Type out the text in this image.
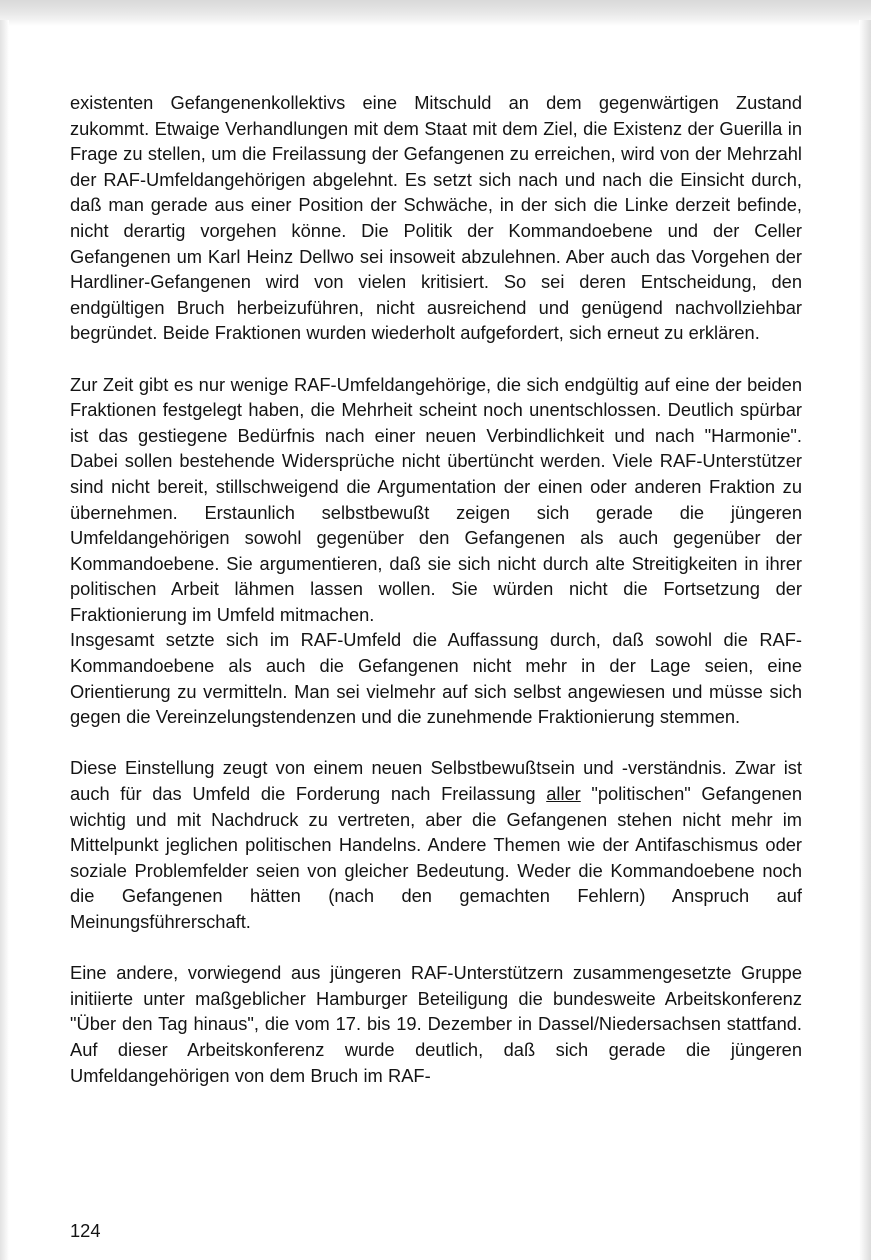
existenten Gefangenenkollektivs eine Mitschuld an dem gegenwärtigen Zustand zukommt. Etwaige Verhandlungen mit dem Staat mit dem Ziel, die Existenz der Guerilla in Frage zu stellen, um die Freilassung der Gefangenen zu erreichen, wird von der Mehrzahl der RAF-Umfeldangehörigen abgelehnt. Es setzt sich nach und nach die Einsicht durch, daß man gerade aus einer Position der Schwäche, in der sich die Linke derzeit befinde, nicht derartig vorgehen könne. Die Politik der Kommandoebene und der Celler Gefangenen um Karl Heinz Dellwo sei insoweit abzulehnen. Aber auch das Vorgehen der Hardliner-Gefangenen wird von vielen kritisiert. So sei deren Entscheidung, den endgültigen Bruch herbeizuführen, nicht ausreichend und genügend nachvollziehbar begründet. Beide Fraktionen wurden wiederholt aufgefordert, sich erneut zu erklären.

Zur Zeit gibt es nur wenige RAF-Umfeldangehörige, die sich endgültig auf eine der beiden Fraktionen festgelegt haben, die Mehrheit scheint noch unentschlossen. Deutlich spürbar ist das gestiegene Bedürfnis nach einer neuen Verbindlichkeit und nach "Harmonie". Dabei sollen bestehende Widersprüche nicht übertüncht werden. Viele RAF-Unterstützer sind nicht bereit, stillschweigend die Argumentation der einen oder anderen Fraktion zu übernehmen. Erstaunlich selbstbewußt zeigen sich gerade die jüngeren Umfeldangehörigen sowohl gegenüber den Gefangenen als auch gegenüber der Kommandoebene. Sie argumentieren, daß sie sich nicht durch alte Streitigkeiten in ihrer politischen Arbeit lähmen lassen wollen. Sie würden nicht die Fortsetzung der Fraktionierung im Umfeld mitmachen.

Insgesamt setzte sich im RAF-Umfeld die Auffassung durch, daß sowohl die RAF-Kommandoebene als auch die Gefangenen nicht mehr in der Lage seien, eine Orientierung zu vermitteln. Man sei vielmehr auf sich selbst angewiesen und müsse sich gegen die Vereinzelungstendenzen und die zunehmende Fraktionierung stemmen.

Diese Einstellung zeugt von einem neuen Selbstbewußtsein und -verständnis. Zwar ist auch für das Umfeld die Forderung nach Freilassung aller "politischen" Gefangenen wichtig und mit Nachdruck zu vertreten, aber die Gefangenen stehen nicht mehr im Mittelpunkt jeglichen politischen Handelns. Andere Themen wie der Antifaschismus oder soziale Problemfelder seien von gleicher Bedeutung. Weder die Kommandoebene noch die Gefangenen hätten (nach den gemachten Fehlern) Anspruch auf Meinungsführerschaft.

Eine andere, vorwiegend aus jüngeren RAF-Unterstützern zusammengesetzte Gruppe initiierte unter maßgeblicher Hamburger Beteiligung die bundesweite Arbeitskonferenz "Über den Tag hinaus", die vom 17. bis 19. Dezember in Dassel/Niedersachsen stattfand. Auf dieser Arbeitskonferenz wurde deutlich, daß sich gerade die jüngeren Umfeldangehörigen von dem Bruch im RAF-

124
